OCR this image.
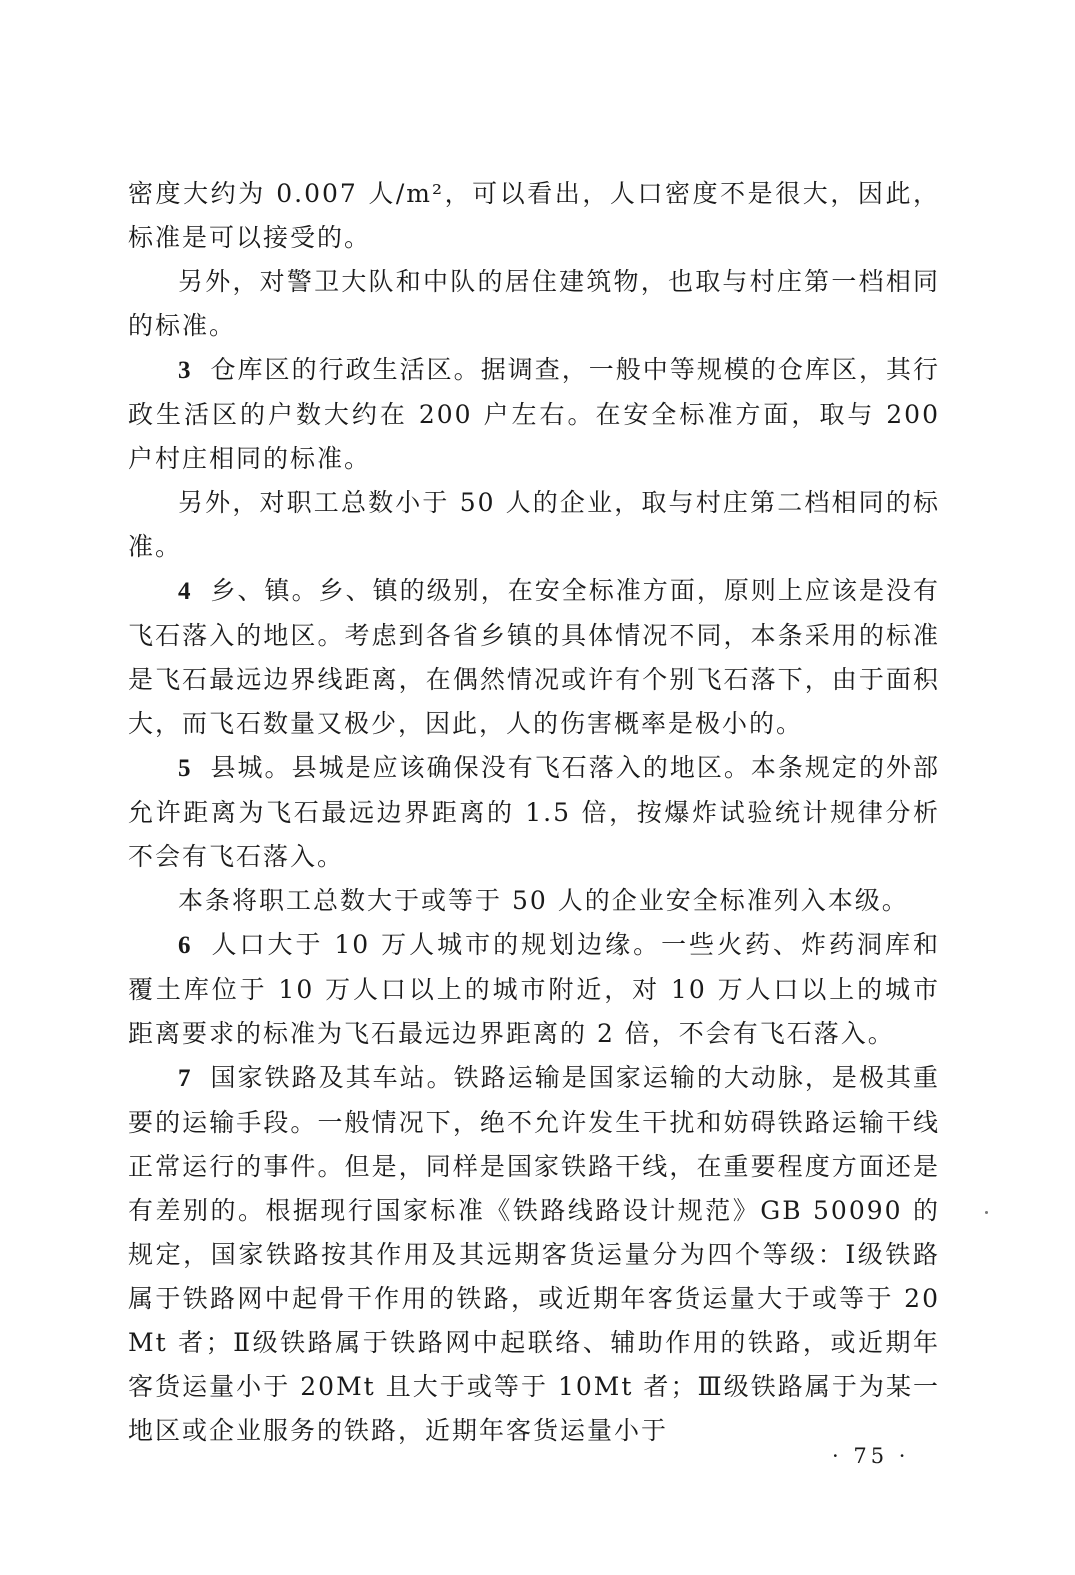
密度大约为 0.007 人/m²，可以看出，人口密度不是很大，因此，标准是可以接受的。

另外，对警卫大队和中队的居住建筑物，也取与村庄第一档相同的标准。

3 仓库区的行政生活区。据调查，一般中等规模的仓库区，其行政生活区的户数大约在 200 户左右。在安全标准方面，取与 200 户村庄相同的标准。

另外，对职工总数小于 50 人的企业，取与村庄第二档相同的标准。

4 乡、镇。乡、镇的级别，在安全标准方面，原则上应该是没有飞石落入的地区。考虑到各省乡镇的具体情况不同，本条采用的标准是飞石最远边界线距离，在偶然情况或许有个别飞石落下，由于面积大，而飞石数量又极少，因此，人的伤害概率是极小的。

5 县城。县城是应该确保没有飞石落入的地区。本条规定的外部允许距离为飞石最远边界距离的 1.5 倍，按爆炸试验统计规律分析不会有飞石落入。

本条将职工总数大于或等于 50 人的企业安全标准列入本级。

6 人口大于 10 万人城市的规划边缘。一些火药、炸药洞库和覆土库位于 10 万人口以上的城市附近，对 10 万人口以上的城市距离要求的标准为飞石最远边界距离的 2 倍，不会有飞石落入。

7 国家铁路及其车站。铁路运输是国家运输的大动脉，是极其重要的运输手段。一般情况下，绝不允许发生干扰和妨碍铁路运输干线正常运行的事件。但是，同样是国家铁路干线，在重要程度方面还是有差别的。根据现行国家标准《铁路线路设计规范》GB 50090 的规定，国家铁路按其作用及其远期客货运量分为四个等级：Ⅰ级铁路属于铁路网中起骨干作用的铁路，或近期年客货运量大于或等于 20Mt 者；Ⅱ级铁路属于铁路网中起联络、辅助作用的铁路，或近期年客货运量小于 20Mt 且大于或等于 10Mt 者；Ⅲ级铁路属于为某一地区或企业服务的铁路，近期年客货运量小于

· 75 ·
